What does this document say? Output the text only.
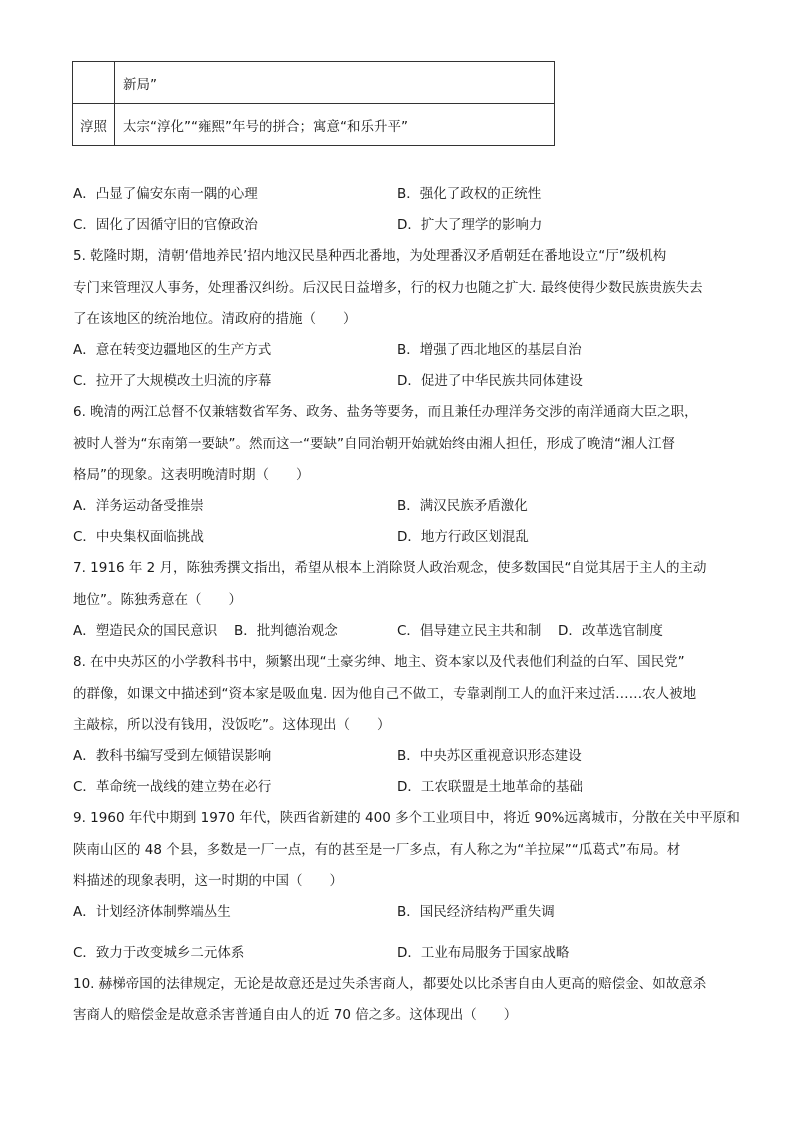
	新局”
淳照	太宗“淳化”“雍熙”年号的拼合；寓意“和乐升平”
A．凸显了偏安东南一隅的心理	B．强化了政权的正统性
C．固化了因循守旧的官僚政治	D．扩大了理学的影响力
5. 乾隆时期，清朝‘借地养民’招内地汉民垦种西北番地，为处理番汉矛盾朝廷在番地设立“厅”级机构
专门来管理汉人事务，处理番汉纠纷。后汉民日益增多，行的权力也随之扩大. 最终使得少数民族贵族失去
了在该地区的统治地位。清政府的措施（　　）
A．意在转变边疆地区的生产方式	B．增强了西北地区的基层自治
C．拉开了大规模改土归流的序幕	D．促进了中华民族共同体建设
6. 晚清的两江总督不仅兼辖数省军务、政务、盐务等要务，而且兼任办理洋务交涉的南洋通商大臣之职，
被时人誉为“东南第一要缺”。然而这一“要缺”自同治朝开始就始终由湘人担任，形成了晚清“湘人江督
格局”的现象。这表明晚清时期（　　）
A．洋务运动备受推崇	B．满汉民族矛盾激化
C．中央集权面临挑战	D．地方行政区划混乱
7. 1916 年 2 月，陈独秀撰文指出，希望从根本上消除贤人政治观念，使多数国民“自觉其居于主人的主动
地位”。陈独秀意在（　　）
A．塑造民众的国民意识 B．批判德治观念	C．倡导建立民主共和制 D．改革选官制度
8. 在中央苏区的小学教科书中，频繁出现“土豪劣绅、地主、资本家以及代表他们利益的白军、国民党”
的群像，如课文中描述到“资本家是吸血鬼. 因为他自己不做工，专靠剥削工人的血汗来过活……农人被地
主敲棕，所以没有钱用，没饭吃”。这体现出（　　）
A．教科书编写受到左倾错误影响	B．中央苏区重视意识形态建设
C．革命统一战线的建立势在必行	D．工农联盟是土地革命的基础
9. 1960 年代中期到 1970 年代，陕西省新建的 400 多个工业项目中，将近 90%远离城市，分散在关中平原和
陕南山区的 48 个县，多数是一厂一点，有的甚至是一厂多点，有人称之为“羊拉屎”“瓜葛式”布局。材
料描述的现象表明，这一时期的中国（　　）
A．计划经济体制弊端丛生	B．国民经济结构严重失调
C．致力于改变城乡二元体系	D．工业布局服务于国家战略
10. 赫梯帝国的法律规定，无论是故意还是过失杀害商人，都要处以比杀害自由人更高的赔偿金、如故意杀
害商人的赔偿金是故意杀害普通自由人的近 70 倍之多。这体现出（　　）
